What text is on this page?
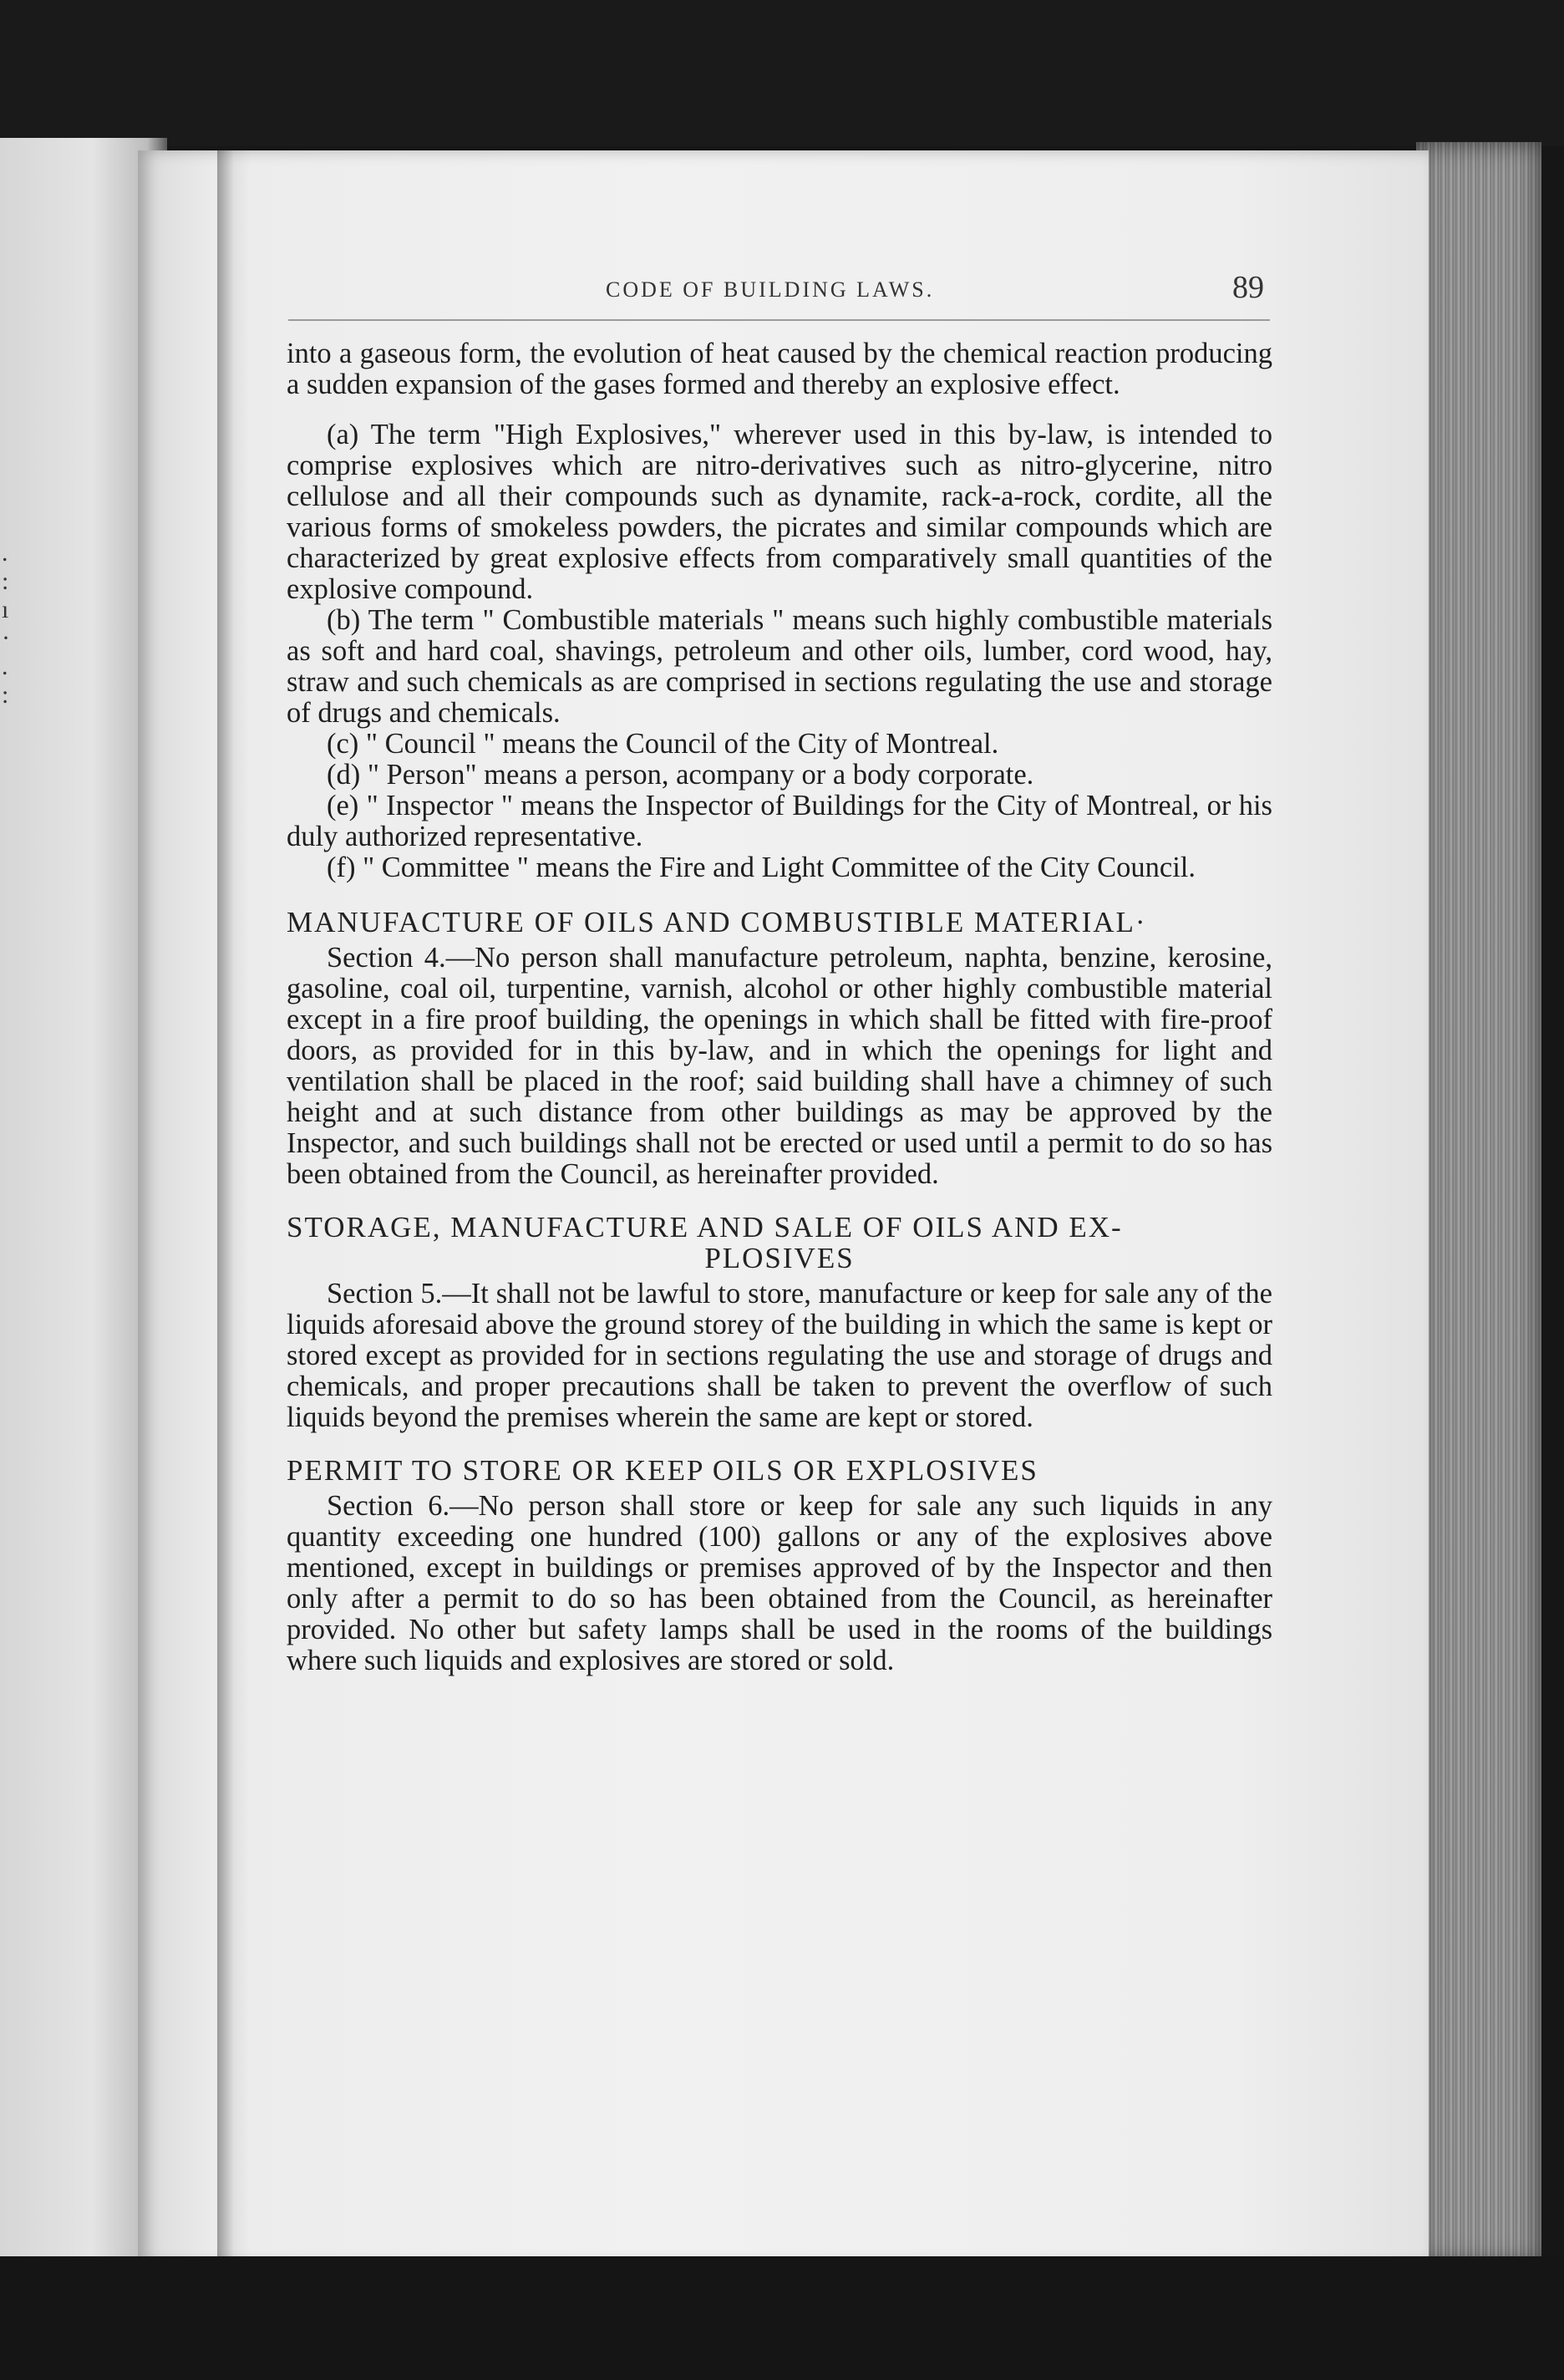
.
:
ı
·
.
:
CODE OF BUILDING LAWS.	89

into a gaseous form, the evolution of heat caused by the chemical reaction producing a sudden expansion of the gases formed and thereby an explosive effect.

(a) The term "High Explosives," wherever used in this by-law, is intended to comprise explosives which are nitro-derivatives such as nitro-glycerine, nitro cellulose and all their compounds such as dynamite, rack-a-rock, cordite, all the various forms of smokeless powders, the picrates and similar compounds which are characterized by great explosive effects from comparatively small quantities of the explosive compound.

(b) The term " Combustible materials " means such highly combustible materials as soft and hard coal, shavings, petroleum and other oils, lumber, cord wood, hay, straw and such chemicals as are comprised in sections regulating the use and storage of drugs and chemicals.

(c) " Council " means the Council of the City of Montreal.

(d) " Person" means a person, acompany or a body corporate.

(e) " Inspector " means the Inspector of Buildings for the City of Montreal, or his duly authorized representative.

(f) " Committee " means the Fire and Light Committee of the City Council.

MANUFACTURE OF OILS AND COMBUSTIBLE MATERIAL·

Section 4.—No person shall manufacture petroleum, naphta, benzine, kerosine, gasoline, coal oil, turpentine, varnish, alcohol or other highly combustible material except in a fire proof building, the openings in which shall be fitted with fire-proof doors, as provided for in this by-law, and in which the openings for light and ventilation shall be placed in the roof; said building shall have a chimney of such height and at such distance from other buildings as may be approved by the Inspector, and such buildings shall not be erected or used until a permit to do so has been obtained from the Council, as hereinafter provided.

STORAGE, MANUFACTURE AND SALE OF OILS AND EX-
PLOSIVES

Section 5.—It shall not be lawful to store, manufacture or keep for sale any of the liquids aforesaid above the ground storey of the building in which the same is kept or stored except as provided for in sections regulating the use and storage of drugs and chemicals, and proper precautions shall be taken to prevent the overflow of such liquids beyond the premises wherein the same are kept or stored.

PERMIT TO STORE OR KEEP OILS OR EXPLOSIVES

Section 6.—No person shall store or keep for sale any such liquids in any quantity exceeding one hundred (100) gallons or any of the explosives above mentioned, except in buildings or premises approved of by the Inspector and then only after a permit to do so has been obtained from the Council, as hereinafter provided. No other but safety lamps shall be used in the rooms of the buildings where such liquids and explosives are stored or sold.
